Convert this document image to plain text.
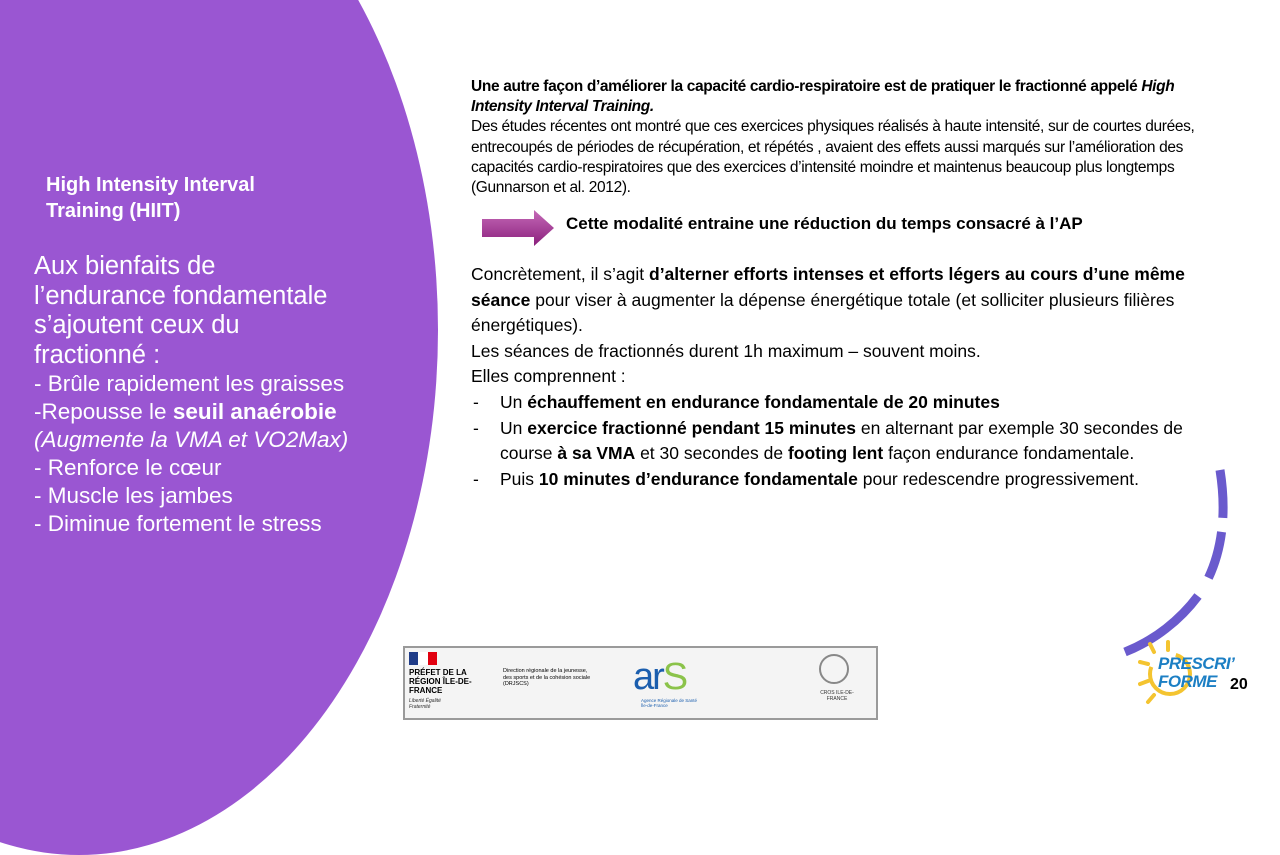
High Intensity Interval Training (HIIT)
Aux bienfaits de
l’endurance fondamentale
s’ajoutent ceux du
fractionné :
- Brûle rapidement les graisses
-Repousse le seuil anaérobie (Augmente la VMA et VO2Max)
- Renforce le cœur
- Muscle les jambes
- Diminue fortement le stress
Une autre façon d’améliorer la capacité cardio-respiratoire est de pratiquer le fractionné appelé High Intensity Interval Training.
Des études récentes ont montré que ces exercices physiques réalisés à haute intensité, sur de courtes durées, entrecoupés de périodes de récupération, et répétés , avaient des effets aussi marqués sur l’amélioration des capacités cardio-respiratoires que des exercices d’intensité moindre et maintenus beaucoup plus longtemps (Gunnarson et al. 2012).
Cette modalité entraine une réduction du temps consacré à l’AP
Concrètement, il s’agit d’alterner efforts intenses et efforts légers au cours d’une même séance pour viser à augmenter la dépense énergétique totale (et solliciter plusieurs filières énergétiques).
Les séances de fractionnés durent 1h maximum – souvent moins.
Elles comprennent :
- Un échauffement en endurance fondamentale de 20 minutes
- Un exercice fractionné pendant 15 minutes en alternant par exemple 30 secondes de course à sa VMA et 30 secondes de footing lent façon endurance fondamentale.
- Puis 10 minutes d’endurance fondamentale pour redescendre progressivement.
PRÉFET DE LA RÉGION ÎLE-DE-FRANCE
Liberté Égalité Fraternité
Direction régionale de la jeunesse, des sports et de la cohésion sociale (DRJSCS)	arS
Agence Régionale de Santé Île-de-France
CROS ILE-DE-FRANCE
PRESCRI’
FORME 20
